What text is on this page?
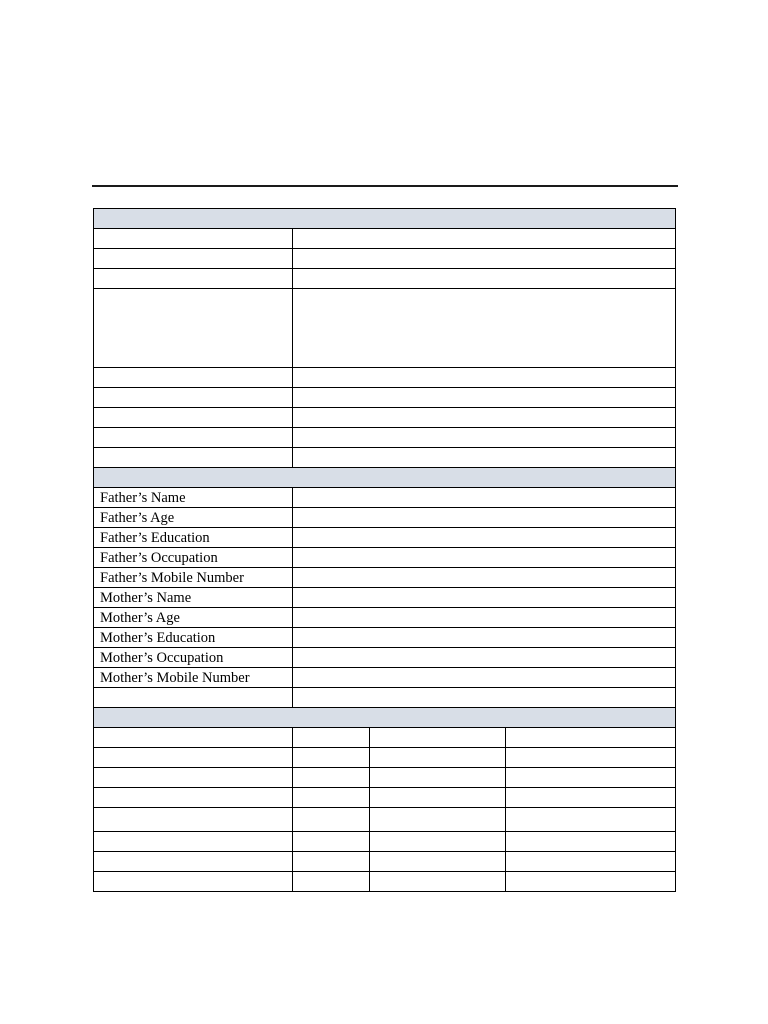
Father’s Name			
Father’s Age			
Father’s Education			
Father’s Occupation			
Father’s Mobile Number			
Mother’s Name			
Mother’s Age			
Mother’s Education			
Mother’s Occupation			
Mother’s Mobile Number			
